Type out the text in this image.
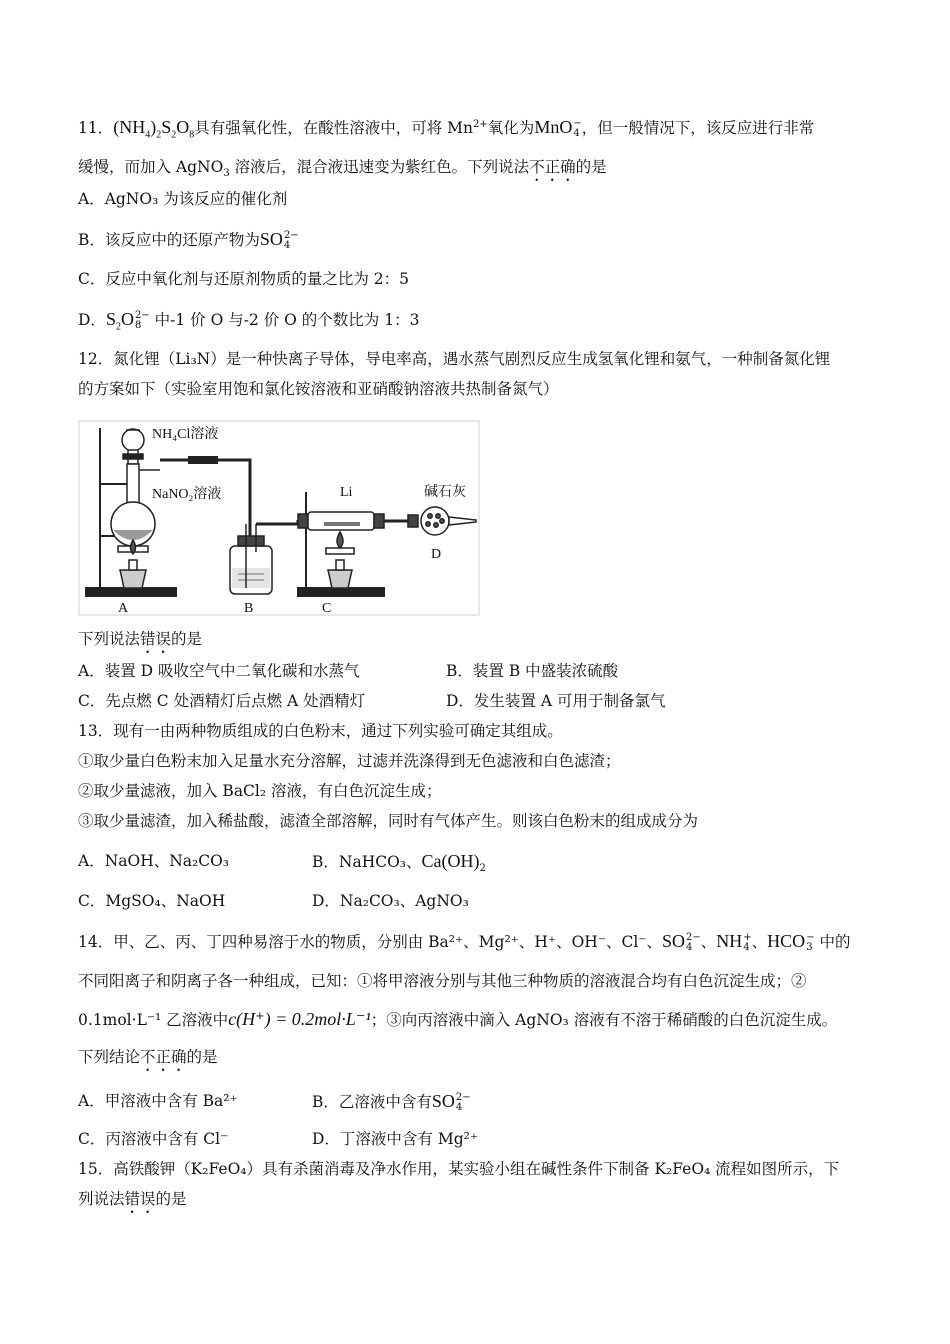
11．$(NH_4)_2S_2O_8$具有强氧化性，在酸性溶液中，可将 $Mn^{2+}$氧化为MnO −
4 ，但一般情况下，该反应进行非常
缓慢，而加入 AgNO$_3$ 溶液后，混合液迅速变为紫红色。下列说法不正确的是
A．AgNO₃ 为该反应的催化剂
B．该反应中的还原产物为SO 2−
4
C．反应中氧化剂与还原剂物质的量之比为 2：5
D．$S_2O$ 2−
8 中-1 价 O 与-2 价 O 的个数比为 1：3
12．氮化锂（Li₃N）是一种快离子导体，导电率高，遇水蒸气剧烈反应生成氢氧化锂和氨气，一种制备氮化锂
的方案如下（实验室用饱和氯化铵溶液和亚硝酸钠溶液共热制备氮气）
NH₄Cl溶液
NaNO₂溶液	Li	碱石灰
A	B	C
D
下列说法错误的是
A．装置 D 吸收空气中二氧化碳和水蒸气	B．装置 B 中盛装浓硫酸
C．先点燃 C 处酒精灯后点燃 A 处酒精灯	D．发生装置 A 可用于制备氯气
13．现有一由两种物质组成的白色粉末，通过下列实验可确定其组成。
①取少量白色粉末加入足量水充分溶解，过滤并洗涤得到无色滤液和白色滤渣；
②取少量滤液，加入 BaCl₂ 溶液，有白色沉淀生成；
③取少量滤渣，加入稀盐酸，滤渣全部溶解，同时有气体产生。则该白色粉末的组成成分为
A．NaOH、Na₂CO₃	B．NaHCO₃、$Ca(OH)_2$
C．MgSO₄、NaOH	D．Na₂CO₃、AgNO₃
14．甲、乙、丙、丁四种易溶于水的物质，分别由 Ba²⁺、Mg²⁺、H⁺、OH⁻、Cl⁻、SO 2−
4 、NH +
4 、HCO −
3 中的
不同阳离子和阴离子各一种组成，已知：①将甲溶液分别与其他三种物质的溶液混合均有白色沉淀生成；②
0.1mol·L⁻¹ 乙溶液中c(H⁺) = 0.2mol·L⁻¹；③向丙溶液中滴入 AgNO₃ 溶液有不溶于稀硝酸的白色沉淀生成。
下列结论不正确的是
A．甲溶液中含有 Ba²⁺	B．乙溶液中含有SO 2−
4
C．丙溶液中含有 Cl⁻	D．丁溶液中含有 Mg²⁺
15．高铁酸钾（K₂FeO₄）具有杀菌消毒及净水作用，某实验小组在碱性条件下制备 K₂FeO₄ 流程如图所示，下
列说法错误的是
